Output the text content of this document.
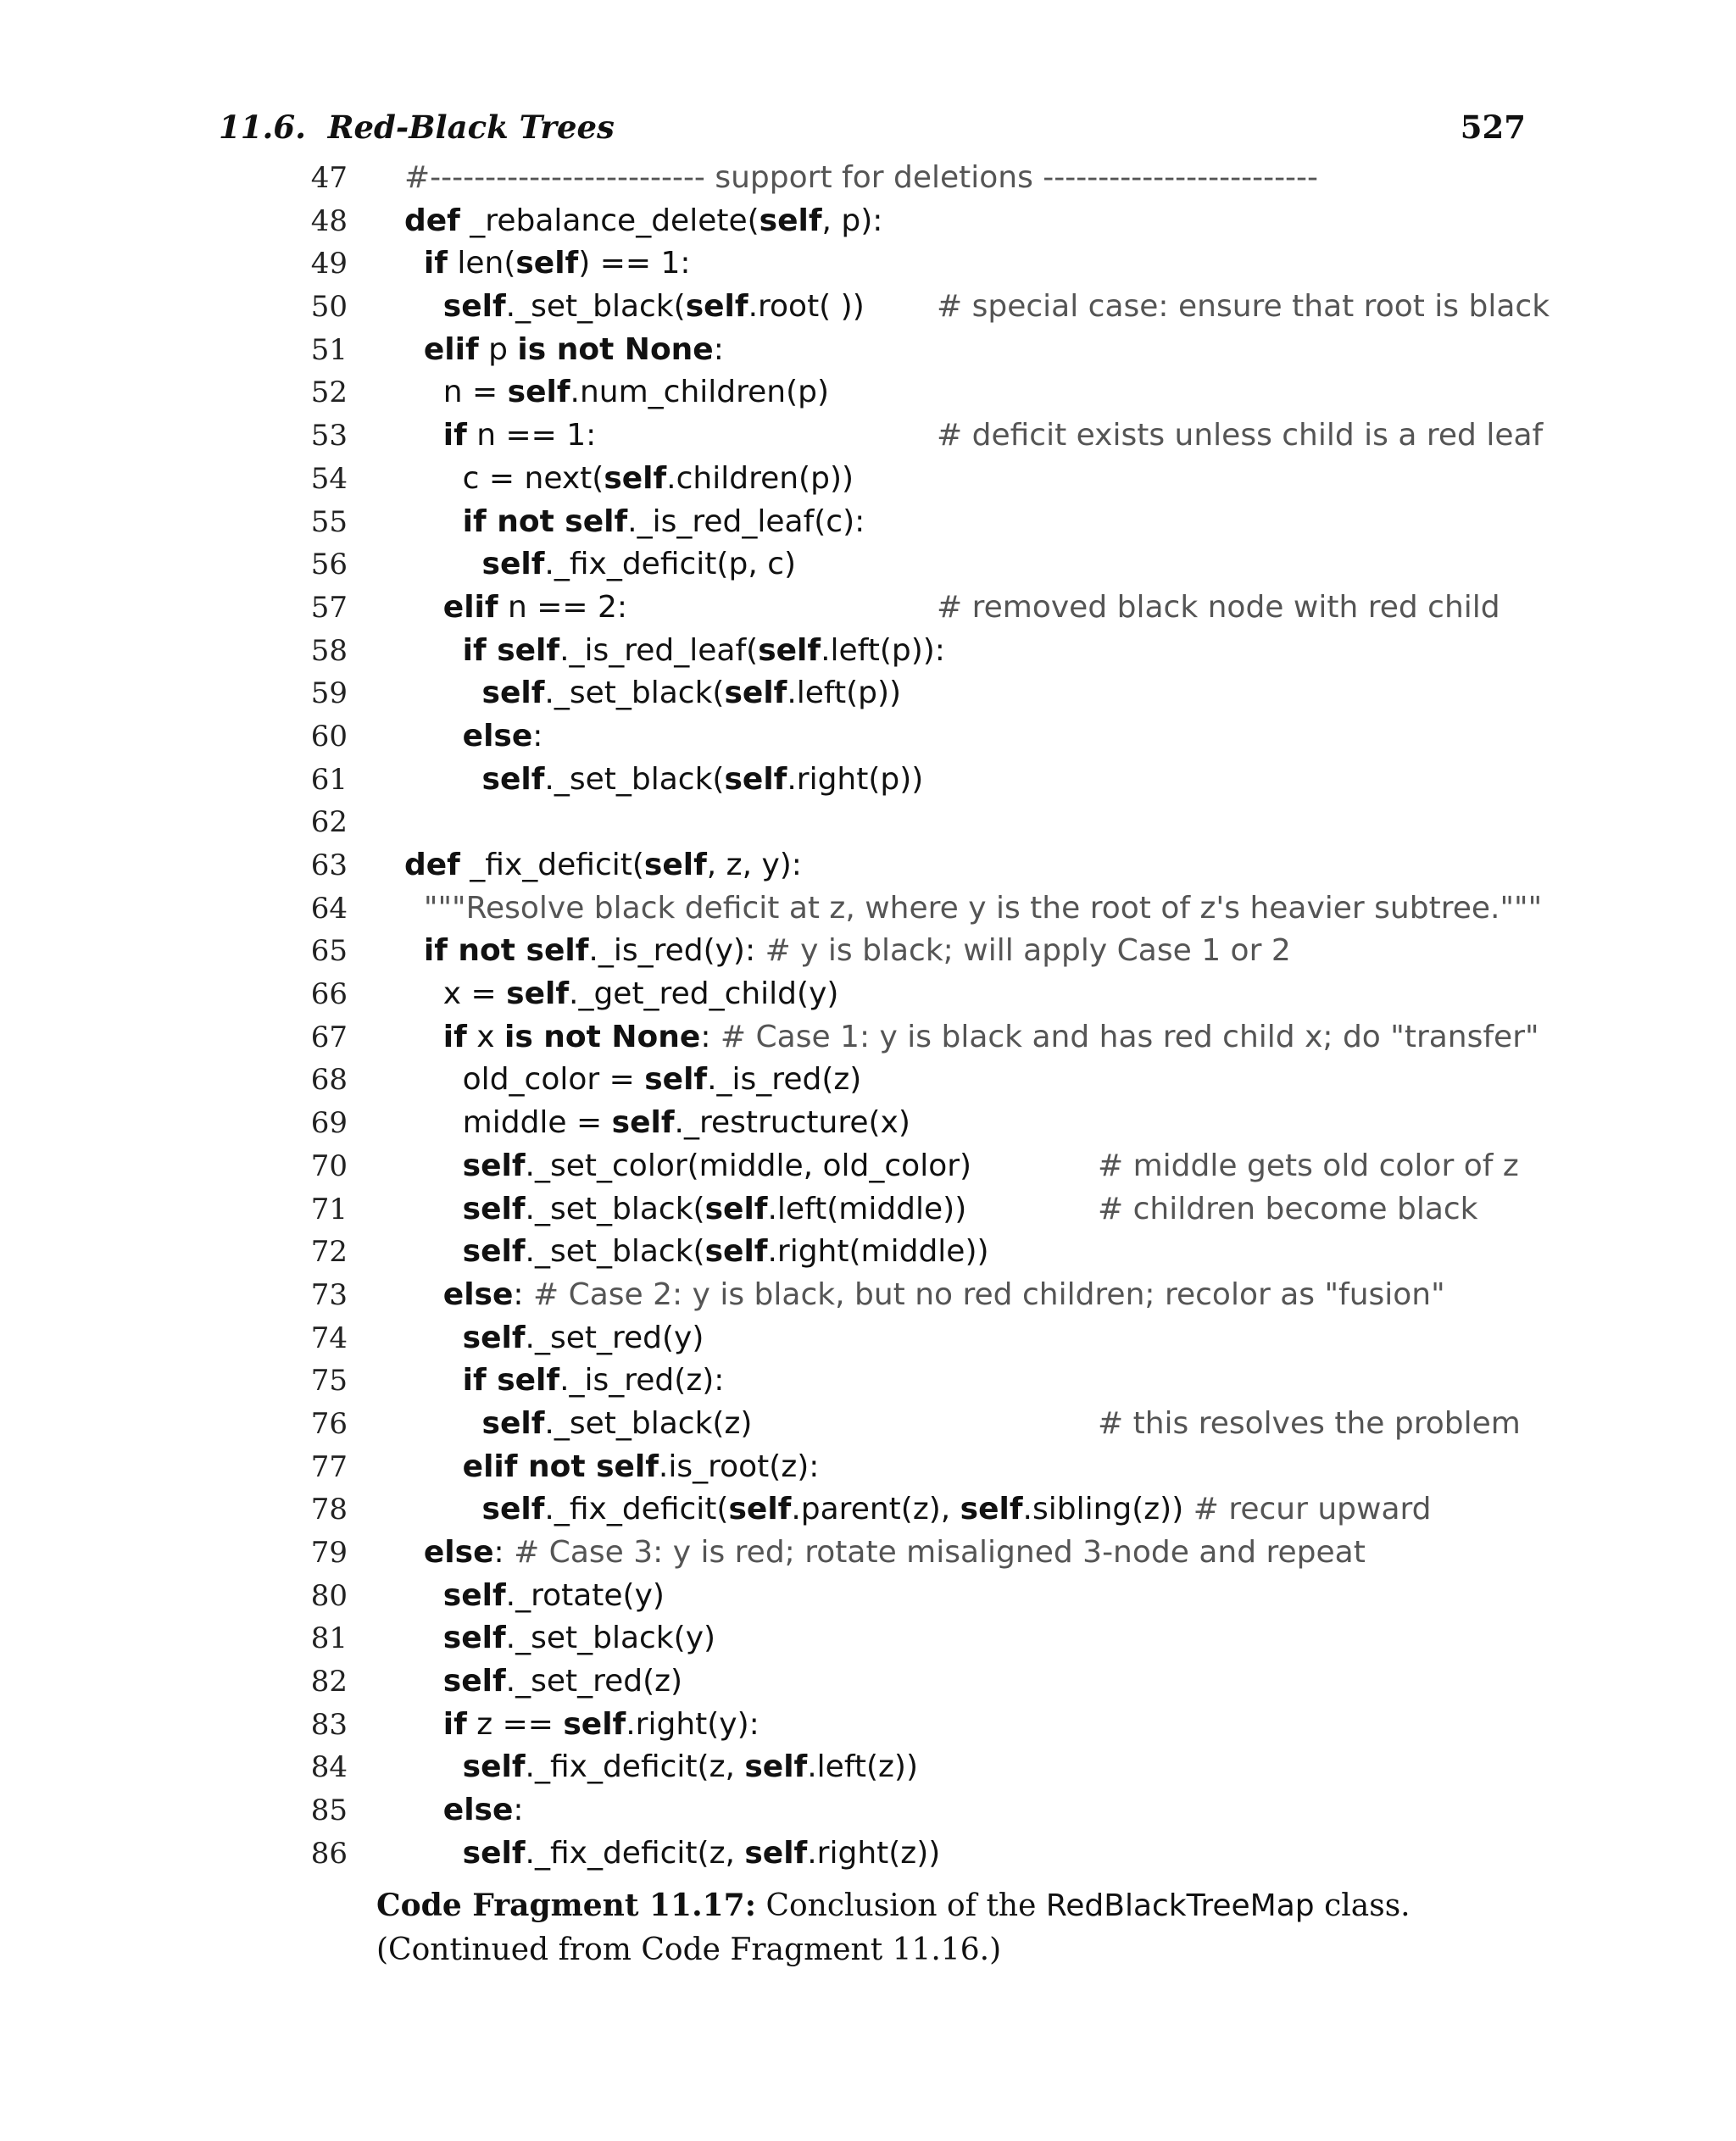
11.6.  Red-Black Trees	527
47 #------------------------- support for deletions -------------------------
48 def _rebalance_delete(self, p):
49	if len(self) == 1:
50	self._set_black(self.root( )) # special case: ensure that root is black
51	elif p is not None:
52 n = self.num_children(p)
53	if n == 1:	# deficit exists unless child is a red leaf
54 c = next(self.children(p))
55	if not self._is_red_leaf(c):
56	self._fix_deficit(p, c)
57	elif n == 2:	# removed black node with red child
58	if self._is_red_leaf(self.left(p)):
59	self._set_black(self.left(p))
60	else:
61	self._set_black(self.right(p))
62
63 def _fix_deficit(self, z, y):
64 """Resolve black deficit at z, where y is the root of z's heavier subtree."""
65	if not self._is_red(y): # y is black; will apply Case 1 or 2
66 x = self._get_red_child(y)
67	if x is not None: # Case 1: y is black and has red child x; do "transfer"
68 old_color = self._is_red(z)
69 middle = self._restructure(x)
70	self._set_color(middle, old_color)	# middle gets old color of z
71	self._set_black(self.left(middle))	# children become black
72	self._set_black(self.right(middle))
73	else: # Case 2: y is black, but no red children; recolor as "fusion"
74	self._set_red(y)
75	if self._is_red(z):
76	self._set_black(z)	# this resolves the problem
77	elif not self.is_root(z):
78	self._fix_deficit(self.parent(z), self.sibling(z)) # recur upward
79	else: # Case 3: y is red; rotate misaligned 3-node and repeat
80	self._rotate(y)
81	self._set_black(y)
82	self._set_red(z)
83	if z == self.right(y):
84	self._fix_deficit(z, self.left(z))
85	else:
86	self._fix_deficit(z, self.right(z))
Code Fragment 11.17: Conclusion of the RedBlackTreeMap class. (Continued from Code Fragment 11.16.)
